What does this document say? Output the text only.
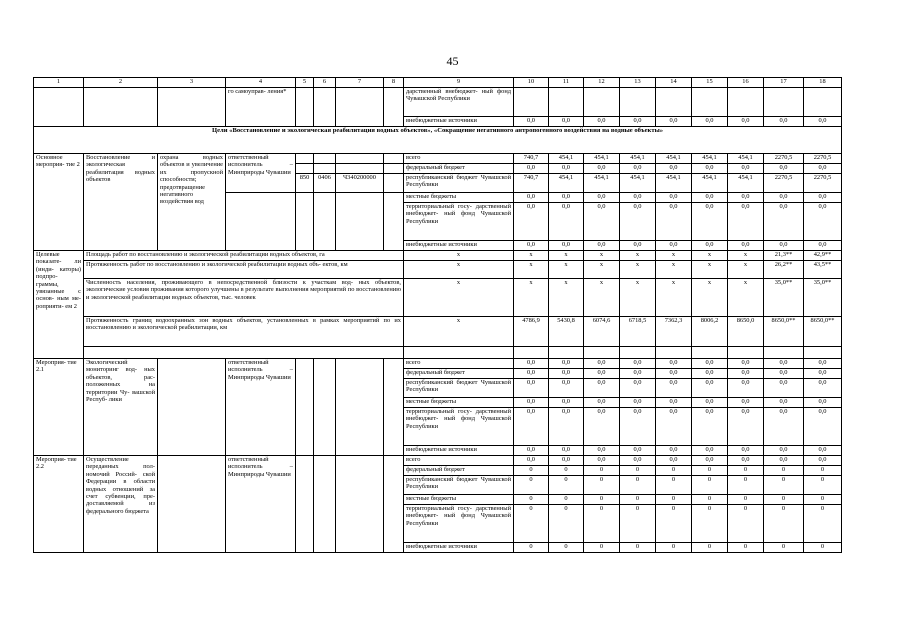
45
1	2	3	4	5	6	7	8	9	10	11	12	13	14	15	16	17	18
			го самоуправ- ления*					дарственный внебюджет- ный фонд Чувашской Республики									
								внебюджетные источники	0,0	0,0	0,0	0,0	0,0	0,0	0,0	0,0	0,0
Цели «Восстановление и экологическая реабилитация водных объектов», «Сокращение негативного антропогенного воздействия на водные объекты»																	
Основное мероприя- тие 2	Восстановление и экологическая реабилитация водных объектов	охрана водных объектов и увеличение их пропускной способности; предотвращение негативного воздействия вод	ответственный исполнитель – Минприроды Чувашии					всего	740,7	454,1	454,1	454,1	454,1	454,1	454,1	2270,5	2270,5
								федеральный бюджет	0,0	0,0	0,0	0,0	0,0	0,0	0,0	0,0	0,0
				850	0406	Ч340200000		республиканский бюджет Чувашской Республики	740,7	454,1	454,1	454,1	454,1	454,1	454,1	2270,5	2270,5
								местные бюджеты	0,0	0,0	0,0	0,0	0,0	0,0	0,0	0,0	0,0
								территориальный госу- дарственный внебюджет- ный фонд Чувашской Республики	0,0	0,0	0,0	0,0	0,0	0,0	0,0	0,0	0,0
								внебюджетные источники	0,0	0,0	0,0	0,0	0,0	0,0	0,0	0,0	0,0
Целевые показате- ли (инди- каторы) подпро- граммы, увязанные с основ- ным ме- роприяти- ем 2	Площадь работ по восстановлению и экологической реабилитации водных объектов, га							x	x	x	x	x	x	x	x	21,3**	42,9**
	Протяженность работ по восстановлению и экологической реабилитации водных объ- ектов, км							x	x	x	x	x	x	x	x	26,2**	43,5**
	Численность населения, проживающего в непосредственной близости к участкам вод- ных объектов, экологические условия проживания которого улучшены в результате выполнения мероприятий по восстановлению и экологической реабилитации водных объектов, тыс. человек							x	x	x	x	x	x	x	x	35,0**	35,0**
	Протяженность границ водоохранных зон водных объектов, установленных в рамках мероприятий по их восстановлению и экологической реабилитации, км							x	4786,9	5430,8	6074,6	6718,5	7362,3	8006,2	8650,0	8650,0**	8650,0**

Мероприя- тие 2.1	Экологический мониторинг вод- ных объектов, рас- положенных на территории Чу- вашской Респуб- лики		ответственный исполнитель – Минприроды Чувашии					всего	0,0	0,0	0,0	0,0	0,0	0,0	0,0	0,0	0,0
								федеральный бюджет	0,0	0,0	0,0	0,0	0,0	0,0	0,0	0,0	0,0
								республиканский бюджет Чувашской Республики	0,0	0,0	0,0	0,0	0,0	0,0	0,0	0,0	0,0
								местные бюджеты	0,0	0,0	0,0	0,0	0,0	0,0	0,0	0,0	0,0
								территориальный госу- дарственный внебюджет- ный фонд Чувашской Республики	0,0	0,0	0,0	0,0	0,0	0,0	0,0	0,0	0,0
								внебюджетные источники	0,0	0,0	0,0	0,0	0,0	0,0	0,0	0,0	0,0
Мероприя- тие 2.2	Осуществление переданных пол- номочий Россий- ской Федерации в области водных отношений за счет субвенции, пре- доставляемой из федерального бюджета		ответственный исполнитель – Минприроды Чувашии					всего	0,0	0,0	0,0	0,0	0,0	0,0	0,0	0,0	0,0
								федеральный бюджет	0	0	0	0	0	0	0	0	0
								республиканский бюджет Чувашской Республики	0	0	0	0	0	0	0	0	0
								местные бюджеты	0	0	0	0	0	0	0	0	0
								территориальный госу- дарственный внебюджет- ный фонд Чувашской Республики	0	0	0	0	0	0	0	0	0
								внебюджетные источники	0	0	0	0	0	0	0	0	0
